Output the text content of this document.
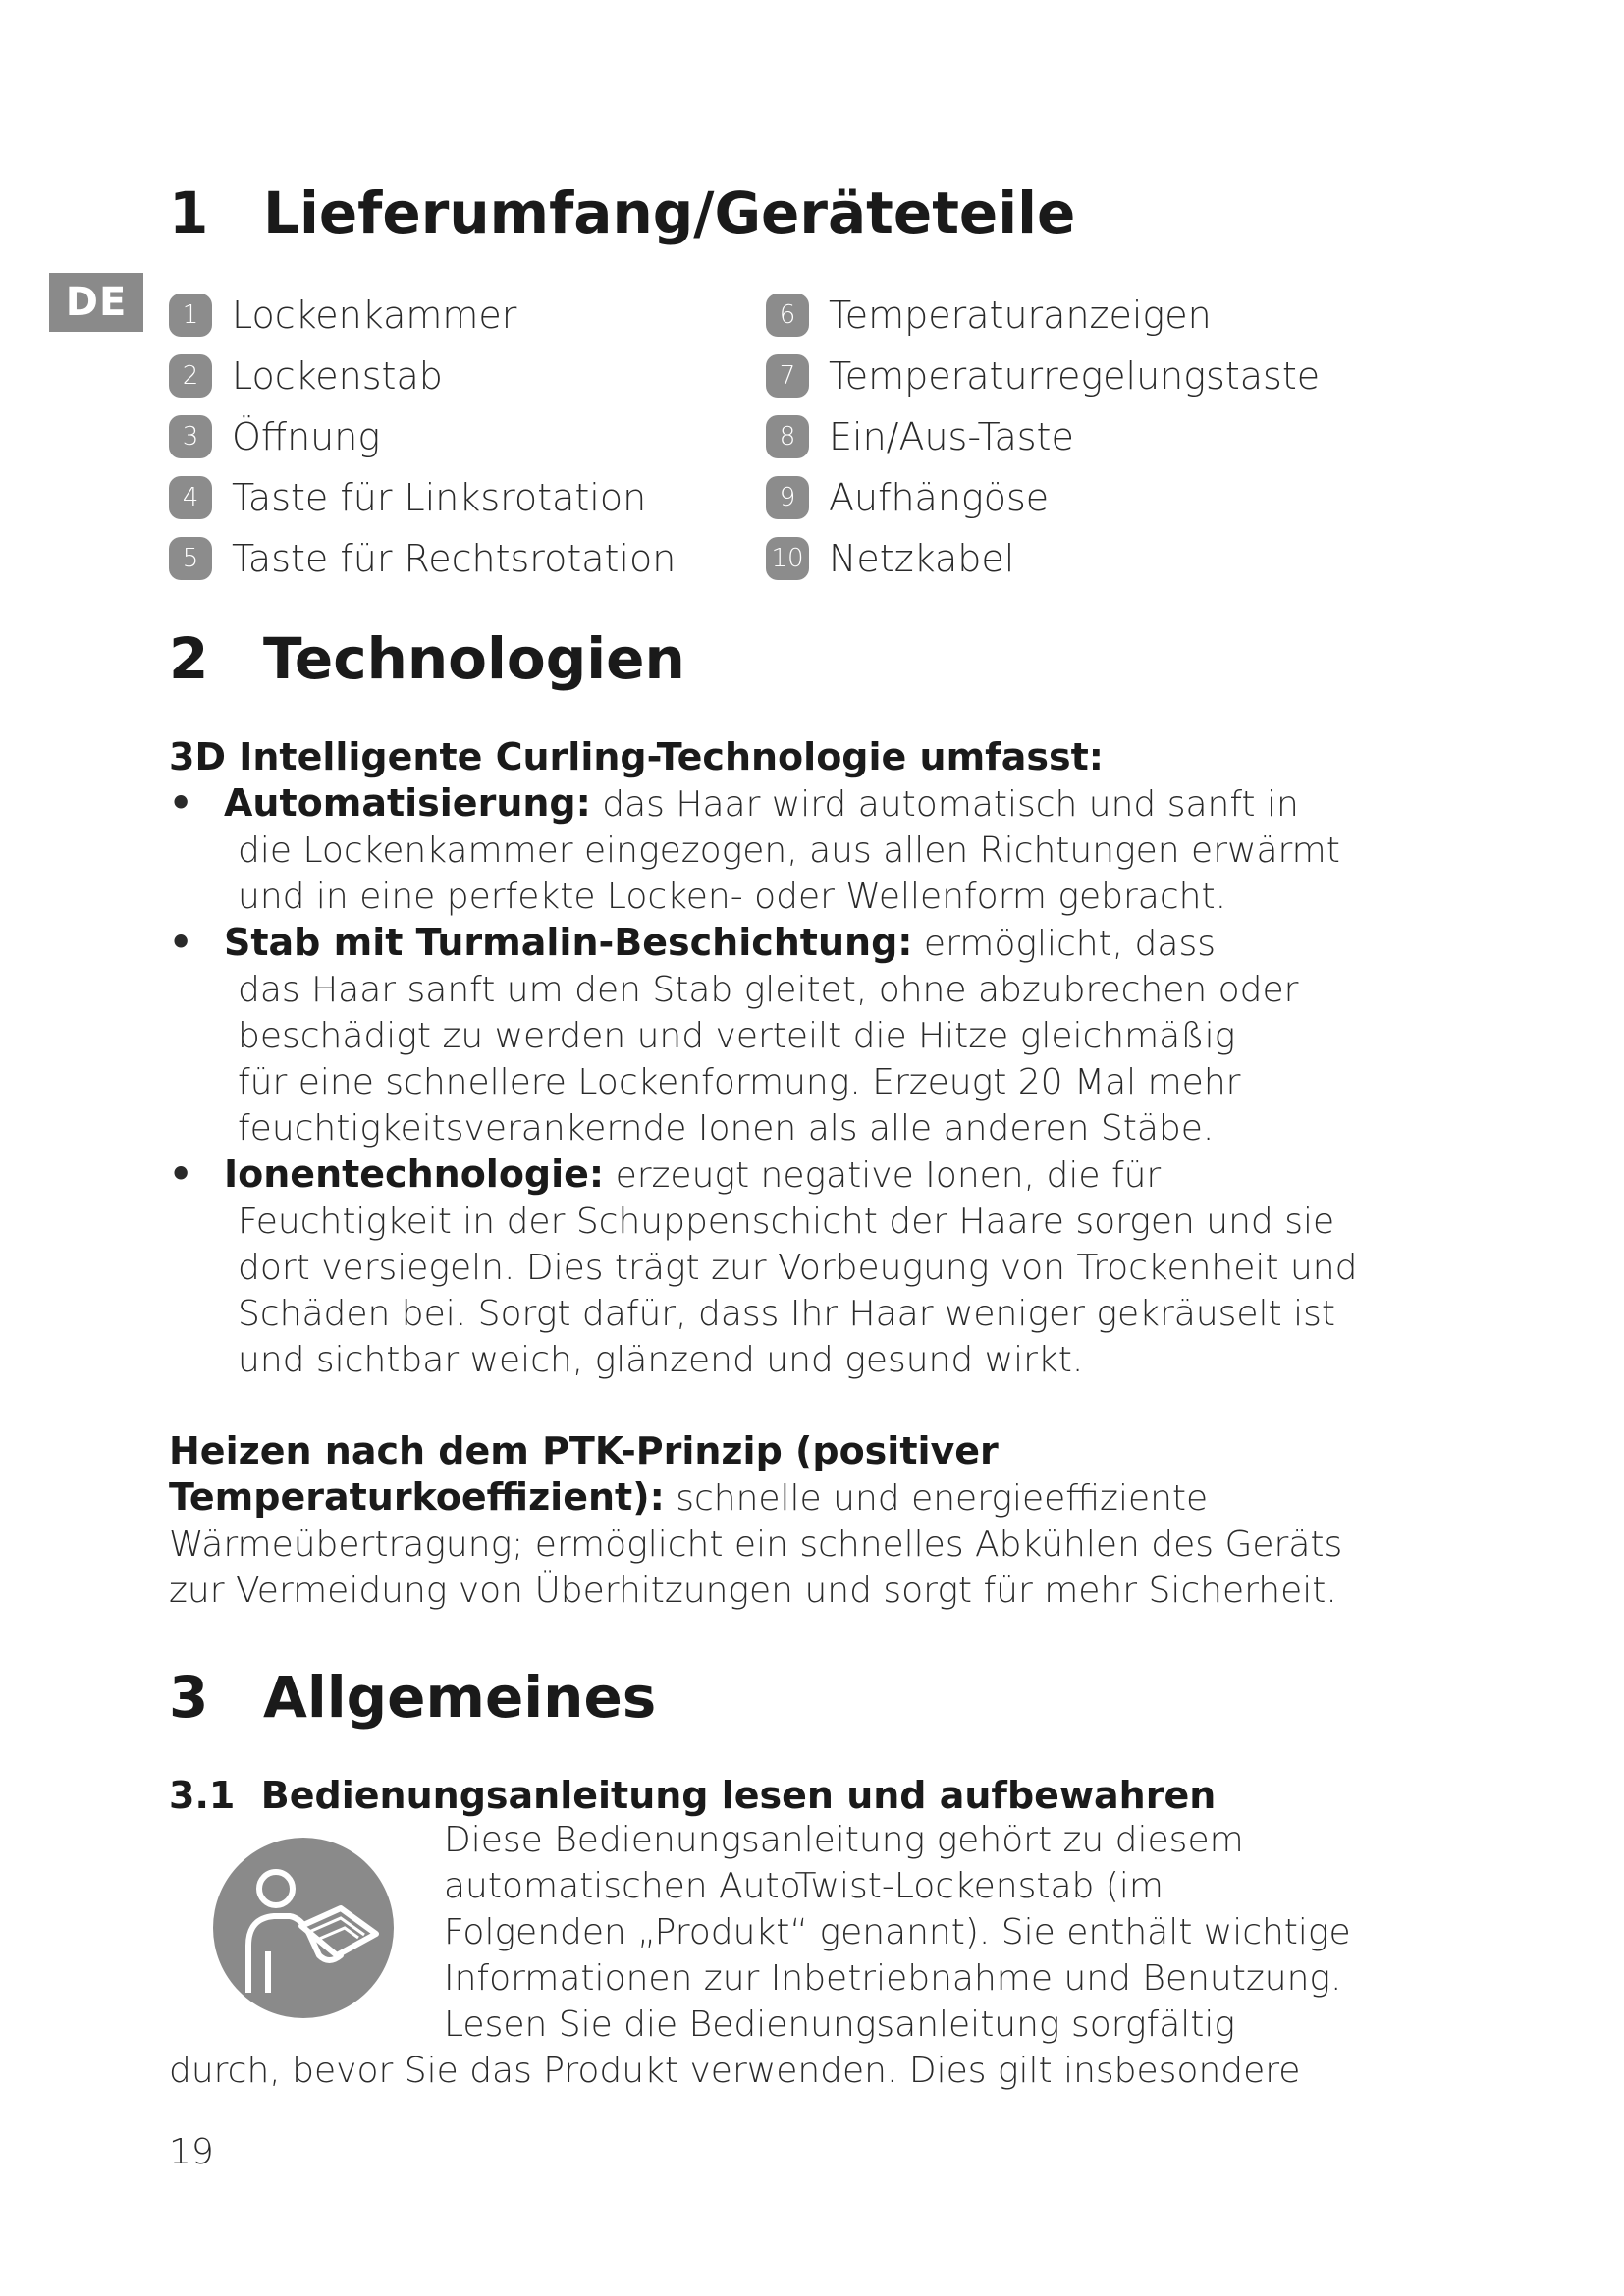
DE
1 Lieferumfang/Geräteteile
1 Lockenkammer
2 Lockenstab
3 Öffnung
4 Taste für Linksrotation
5 Taste für Rechtsrotation
6 Temperaturanzeigen
7 Temperaturregelungstaste
8 Ein/Aus-Taste
9 Aufhängöse
10 Netzkabel
2 Technologien
3D Intelligente Curling-Technologie umfasst:
• Automatisierung: das Haar wird automatisch und sanft in
die Lockenkammer eingezogen, aus allen Richtungen erwärmt
und in eine perfekte Locken- oder Wellenform gebracht.
• Stab mit Turmalin-Beschichtung: ermöglicht, dass
das Haar sanft um den Stab gleitet, ohne abzubrechen oder
beschädigt zu werden und verteilt die Hitze gleichmäßig
für eine schnellere Lockenformung. Erzeugt 20 Mal mehr
feuchtigkeitsverankernde Ionen als alle anderen Stäbe.
• Ionentechnologie: erzeugt negative Ionen, die für
Feuchtigkeit in der Schuppenschicht der Haare sorgen und sie
dort versiegeln. Dies trägt zur Vorbeugung von Trockenheit und
Schäden bei. Sorgt dafür, dass Ihr Haar weniger gekräuselt ist
und sichtbar weich, glänzend und gesund wirkt.
Heizen nach dem PTK-Prinzip (positiver
Temperaturkoeffizient): schnelle und energieeffiziente
Wärmeübertragung; ermöglicht ein schnelles Abkühlen des Geräts
zur Vermeidung von Überhitzungen und sorgt für mehr Sicherheit.
3 Allgemeines
3.1 Bedienungsanleitung lesen und aufbewahren
Diese Bedienungsanleitung gehört zu diesem
automatischen AutoTwist-Lockenstab (im
Folgenden „Produkt“ genannt). Sie enthält wichtige
Informationen zur Inbetriebnahme und Benutzung.
Lesen Sie die Bedienungsanleitung sorgfältig
durch, bevor Sie das Produkt verwenden. Dies gilt insbesondere
19
